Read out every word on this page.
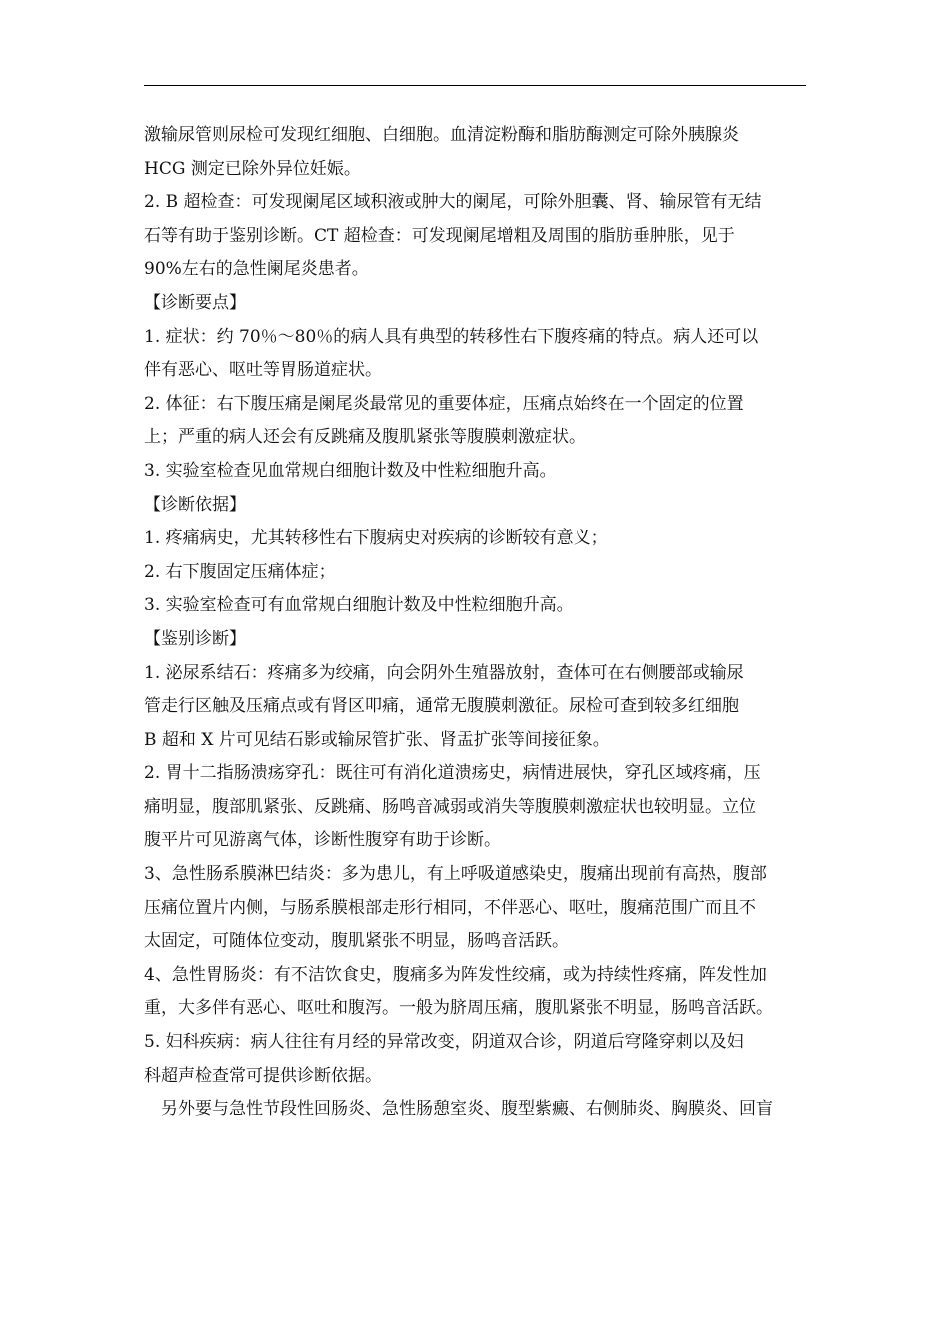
激输尿管则尿检可发现红细胞、白细胞。血清淀粉酶和脂肪酶测定可除外胰腺炎
HCG 测定已除外异位妊娠。
2. B 超检查：可发现阑尾区域积液或肿大的阑尾，可除外胆囊、肾、输尿管有无结
石等有助于鉴别诊断。CT 超检查：可发现阑尾增粗及周围的脂肪垂肿胀，见于
90%左右的急性阑尾炎患者。
【诊断要点】
1. 症状：约 70％～80％的病人具有典型的转移性右下腹疼痛的特点。病人还可以
伴有恶心、呕吐等胃肠道症状。
2. 体征：右下腹压痛是阑尾炎最常见的重要体症，压痛点始终在一个固定的位置
上；严重的病人还会有反跳痛及腹肌紧张等腹膜刺激症状。
3. 实验室检查见血常规白细胞计数及中性粒细胞升高。
【诊断依据】
1. 疼痛病史，尤其转移性右下腹病史对疾病的诊断较有意义；
2. 右下腹固定压痛体症；
3. 实验室检查可有血常规白细胞计数及中性粒细胞升高。
【鉴别诊断】
1. 泌尿系结石：疼痛多为绞痛，向会阴外生殖器放射，查体可在右侧腰部或输尿
管走行区触及压痛点或有肾区叩痛，通常无腹膜刺激征。尿检可查到较多红细胞
B 超和 X 片可见结石影或输尿管扩张、肾盂扩张等间接征象。
2. 胃十二指肠溃疡穿孔：既往可有消化道溃疡史，病情进展快，穿孔区域疼痛，压
痛明显，腹部肌紧张、反跳痛、肠鸣音减弱或消失等腹膜刺激症状也较明显。立位
腹平片可见游离气体，诊断性腹穿有助于诊断。
3、急性肠系膜淋巴结炎：多为患儿，有上呼吸道感染史，腹痛出现前有高热，腹部
压痛位置片内侧，与肠系膜根部走形行相同，不伴恶心、呕吐，腹痛范围广而且不
太固定，可随体位变动，腹肌紧张不明显，肠鸣音活跃。
4、急性胃肠炎：有不洁饮食史，腹痛多为阵发性绞痛，或为持续性疼痛，阵发性加
重，大多伴有恶心、呕吐和腹泻。一般为脐周压痛，腹肌紧张不明显，肠鸣音活跃。
5. 妇科疾病：病人往往有月经的异常改变，阴道双合诊，阴道后穹隆穿刺以及妇
科超声检查常可提供诊断依据。
另外要与急性节段性回肠炎、急性肠憩室炎、腹型紫癜、右侧肺炎、胸膜炎、回盲
